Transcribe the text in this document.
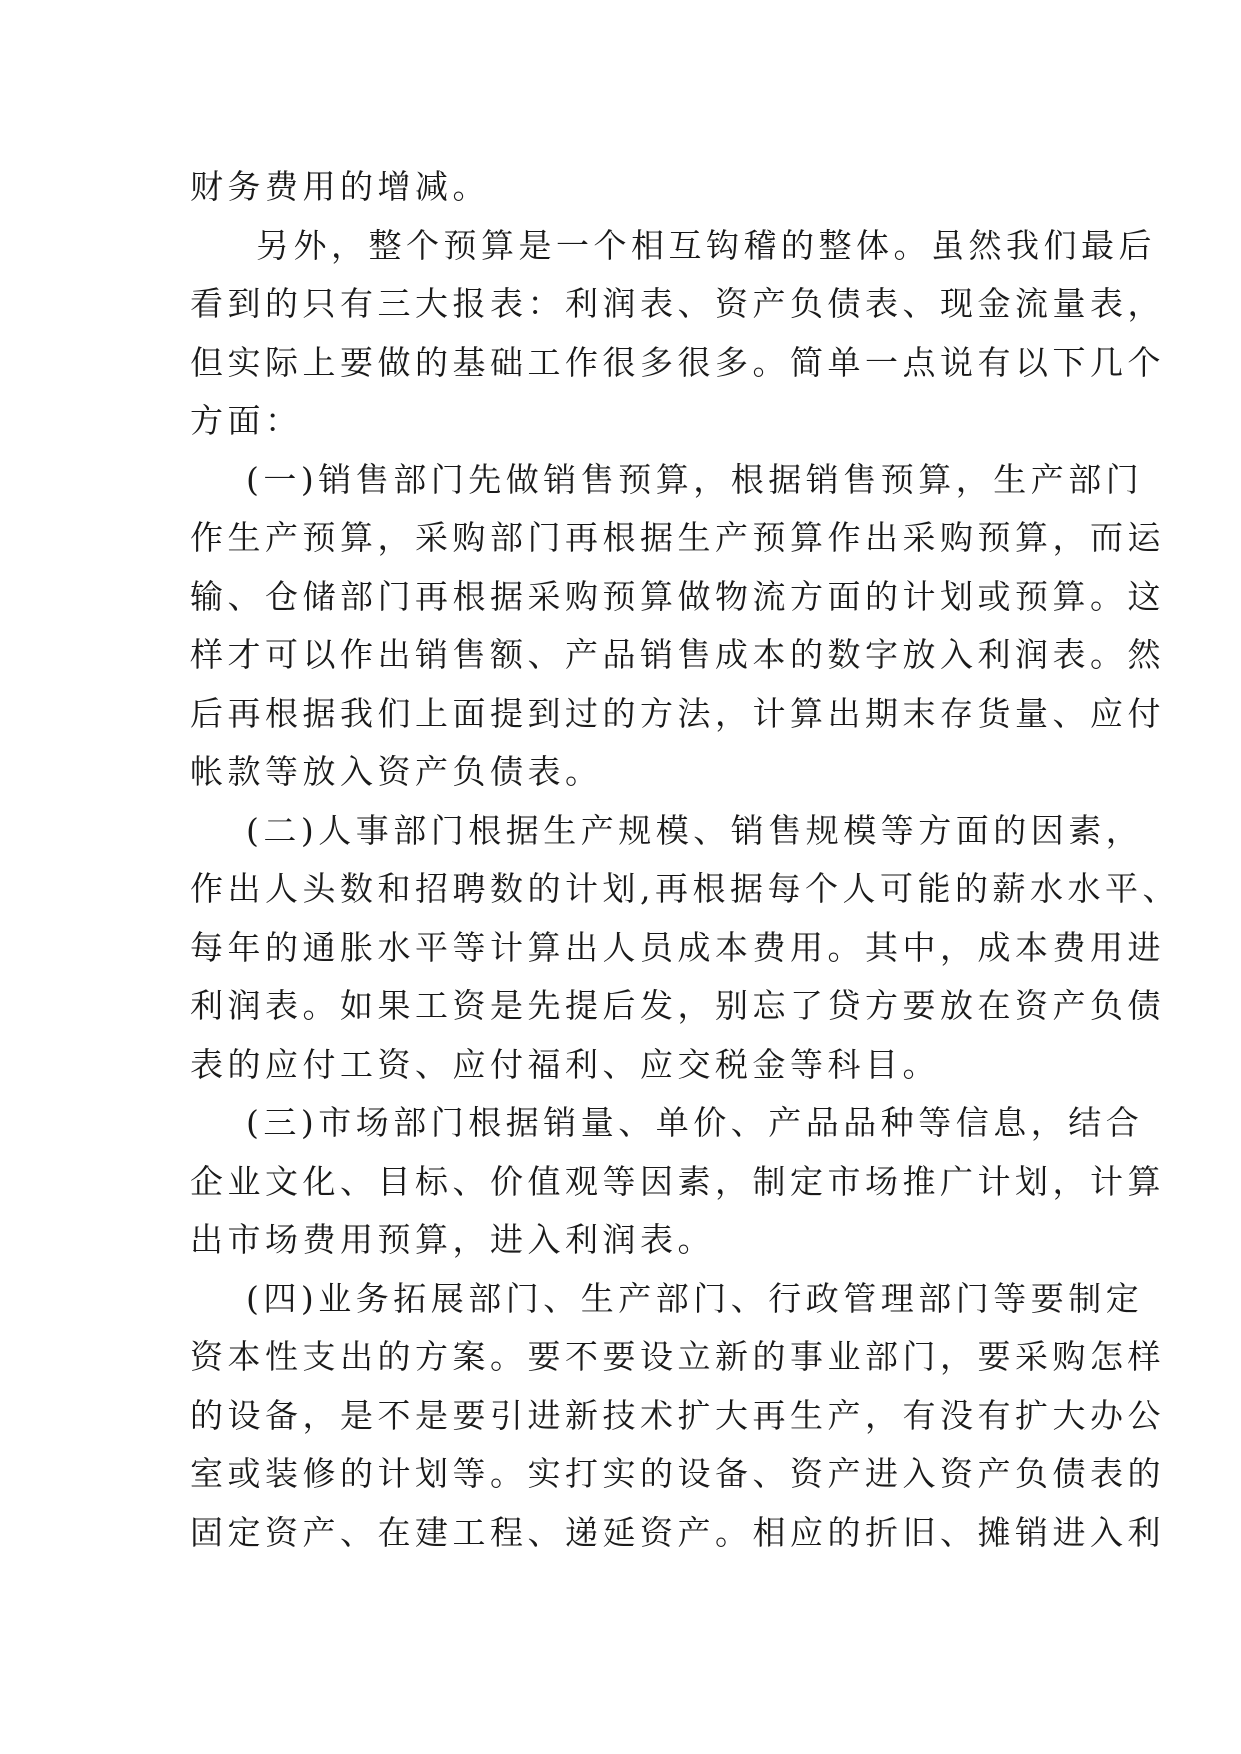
财务费用的增减。
另外，整个预算是一个相互钩稽的整体。虽然我们最后
看到的只有三大报表：利润表、资产负债表、现金流量表，
但实际上要做的基础工作很多很多。简单一点说有以下几个
方面：
(一)销售部门先做销售预算，根据销售预算，生产部门
作生产预算，采购部门再根据生产预算作出采购预算，而运
输、仓储部门再根据采购预算做物流方面的计划或预算。这
样才可以作出销售额、产品销售成本的数字放入利润表。然
后再根据我们上面提到过的方法，计算出期末存货量、应付
帐款等放入资产负债表。
(二)人事部门根据生产规模、销售规模等方面的因素，
作出人头数和招聘数的计划,再根据每个人可能的薪水水平、
每年的通胀水平等计算出人员成本费用。其中，成本费用进
利润表。如果工资是先提后发，别忘了贷方要放在资产负债
表的应付工资、应付福利、应交税金等科目。
(三)市场部门根据销量、单价、产品品种等信息，结合
企业文化、目标、价值观等因素，制定市场推广计划，计算
出市场费用预算，进入利润表。
(四)业务拓展部门、生产部门、行政管理部门等要制定
资本性支出的方案。要不要设立新的事业部门，要采购怎样
的设备，是不是要引进新技术扩大再生产，有没有扩大办公
室或装修的计划等。实打实的设备、资产进入资产负债表的
固定资产、在建工程、递延资产。相应的折旧、摊销进入利
